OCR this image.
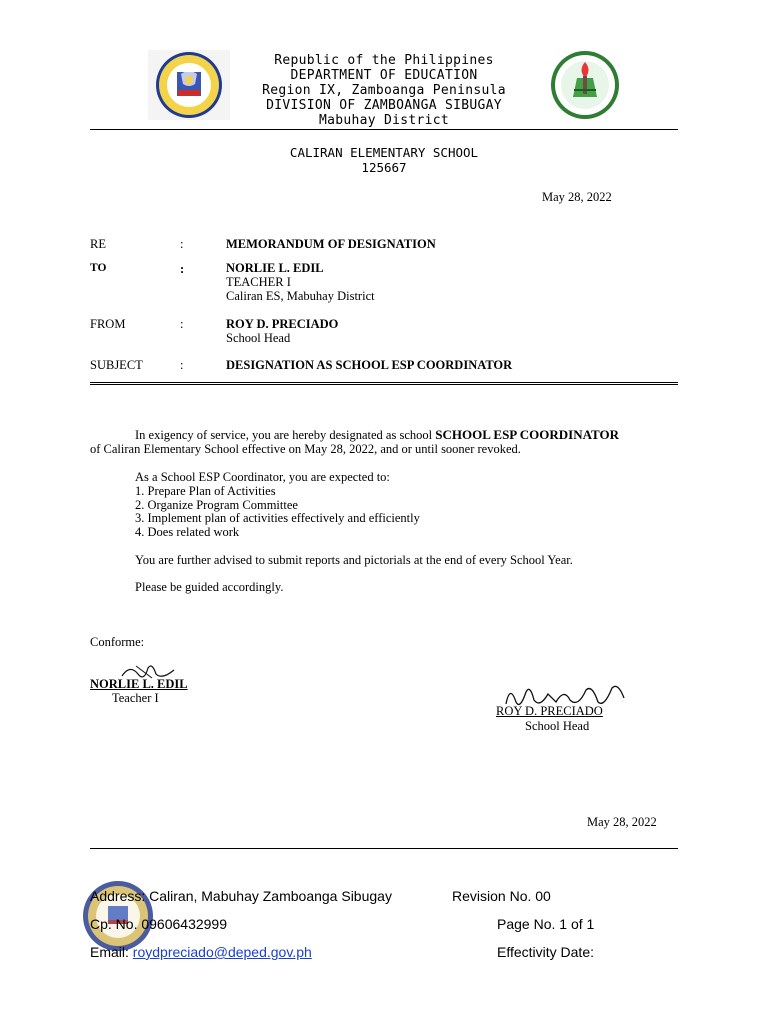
Republic of the Philippines
DEPARTMENT OF EDUCATION
Region IX, Zamboanga Peninsula
DIVISION OF ZAMBOANGA SIBUGAY
Mabuhay District
CALIRAN ELEMENTARY SCHOOL
125667
May 28, 2022
RE	:	MEMORANDUM OF DESIGNATION
TO	:	NORLIE L. EDIL
TEACHER I
Caliran ES, Mabuhay District
FROM	:	ROY D. PRECIADO
School Head
SUBJECT	:	DESIGNATION AS SCHOOL ESP COORDINATOR
In exigency of service, you are hereby designated as school SCHOOL ESP COORDINATOR
of Caliran Elementary School effective on May 28, 2022, and or until sooner revoked.
As a School ESP Coordinator, you are expected to:
1. Prepare Plan of Activities
2. Organize Program Committee
3. Implement plan of activities effectively and efficiently
4. Does related work
You are further advised to submit reports and pictorials at the end of every School Year.
Please be guided accordingly.
Conforme:
NORLIE L. EDIL
Teacher I
ROY D. PRECIADO
School Head
May 28, 2022
Address: Caliran, Mabuhay Zamboanga Sibugay
Cp. No. 09606432999
Email: roydpreciado@deped.gov.ph
Revision No. 00
Page No. 1 of 1
Effectivity Date:
